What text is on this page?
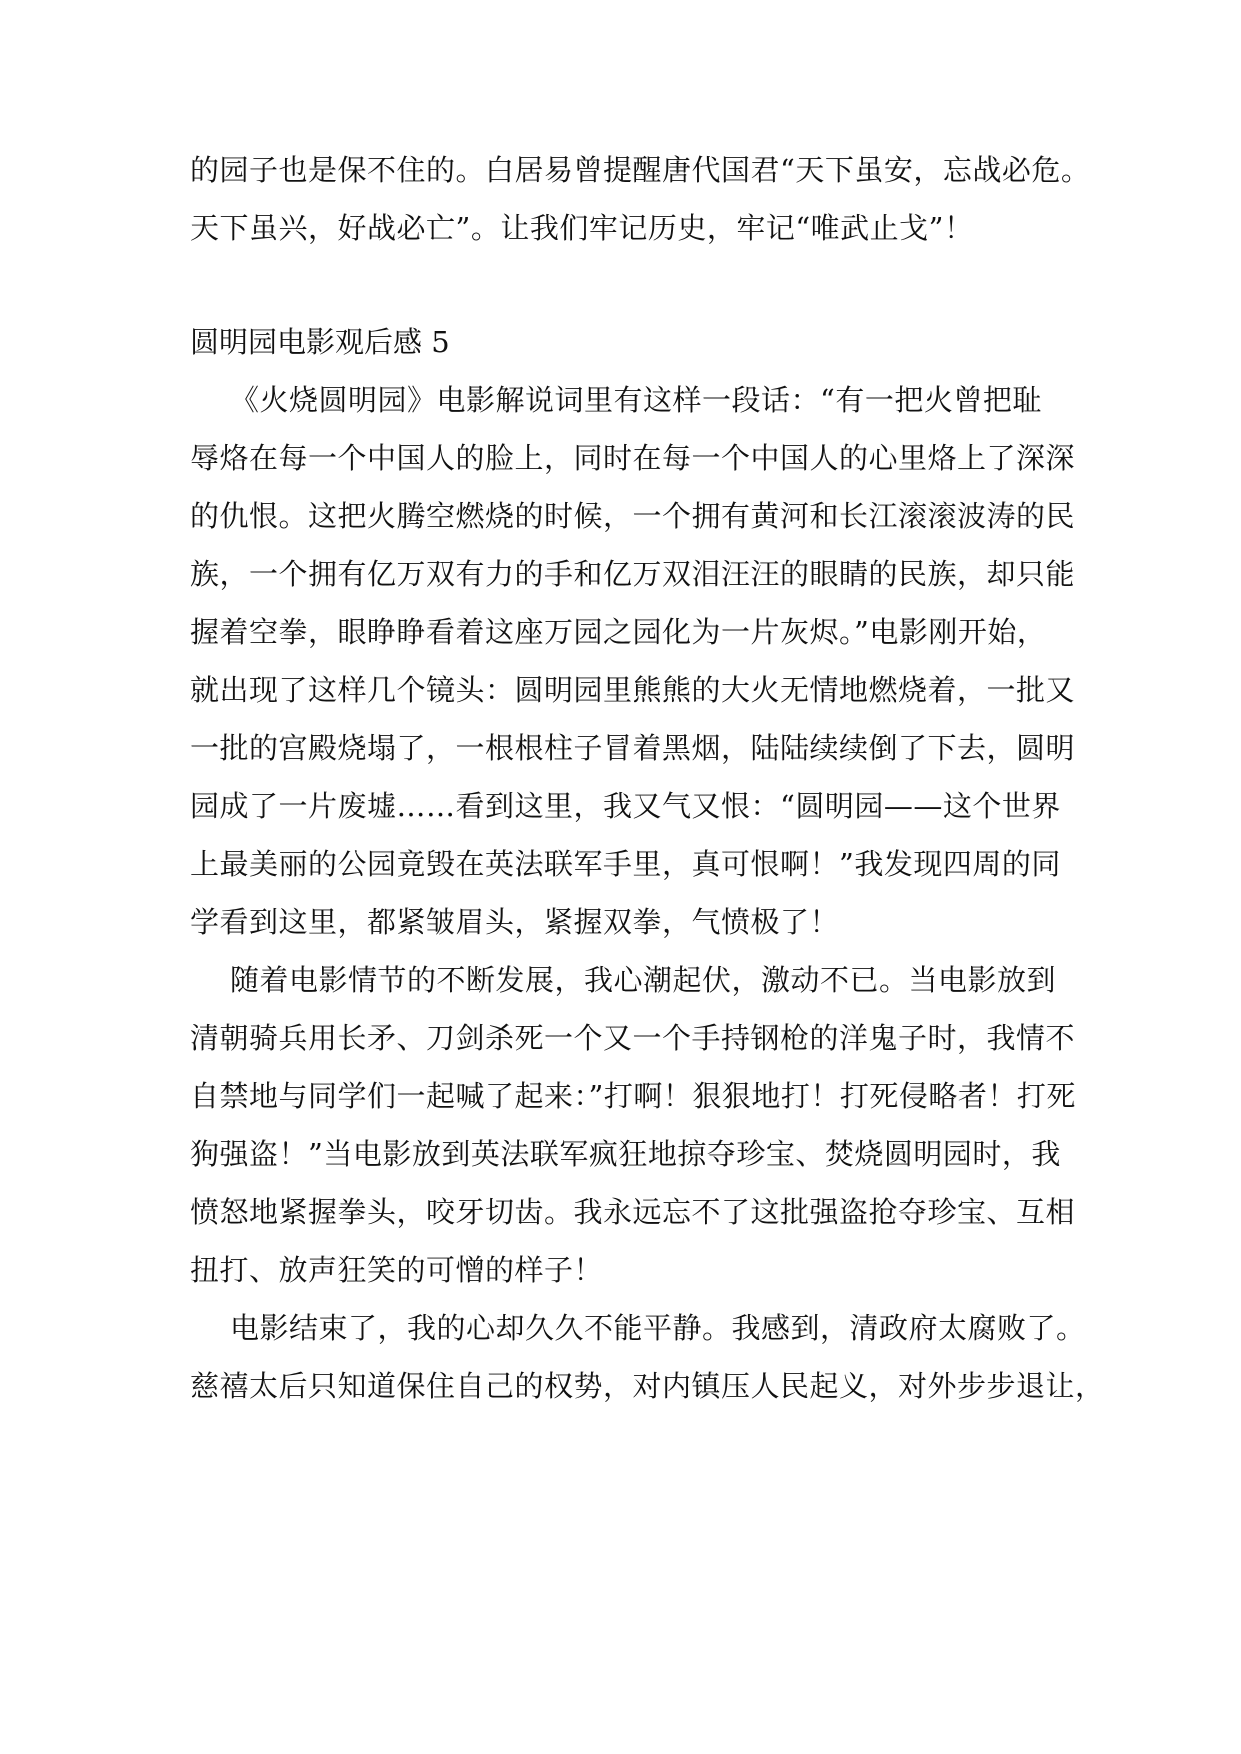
的园子也是保不住的。白居易曾提醒唐代国君“天下虽安，忘战必危。
天下虽兴，好战必亡”。让我们牢记历史，牢记“唯武止戈”！
圆明园电影观后感 5
《火烧圆明园》电影解说词里有这样一段话：“有一把火曾把耻
辱烙在每一个中国人的脸上，同时在每一个中国人的心里烙上了深深
的仇恨。这把火腾空燃烧的时候，一个拥有黄河和长江滚滚波涛的民
族，一个拥有亿万双有力的手和亿万双泪汪汪的眼睛的民族，却只能
握着空拳，眼睁睁看着这座万园之园化为一片灰烬。”电影刚开始，
就出现了这样几个镜头：圆明园里熊熊的大火无情地燃烧着，一批又
一批的宫殿烧塌了，一根根柱子冒着黑烟，陆陆续续倒了下去，圆明
园成了一片废墟……看到这里，我又气又恨：“圆明园——这个世界
上最美丽的公园竟毁在英法联军手里，真可恨啊！”我发现四周的同
学看到这里，都紧皱眉头，紧握双拳，气愤极了！
随着电影情节的不断发展，我心潮起伏，激动不已。当电影放到
清朝骑兵用长矛、刀剑杀死一个又一个手持钢枪的洋鬼子时，我情不
自禁地与同学们一起喊了起来：”打啊！狠狠地打！打死侵略者！打死
狗强盗！”当电影放到英法联军疯狂地掠夺珍宝、焚烧圆明园时，我
愤怒地紧握拳头，咬牙切齿。我永远忘不了这批强盗抢夺珍宝、互相
扭打、放声狂笑的可憎的样子！
电影结束了，我的心却久久不能平静。我感到，清政府太腐败了。
慈禧太后只知道保住自己的权势，对内镇压人民起义，对外步步退让，
